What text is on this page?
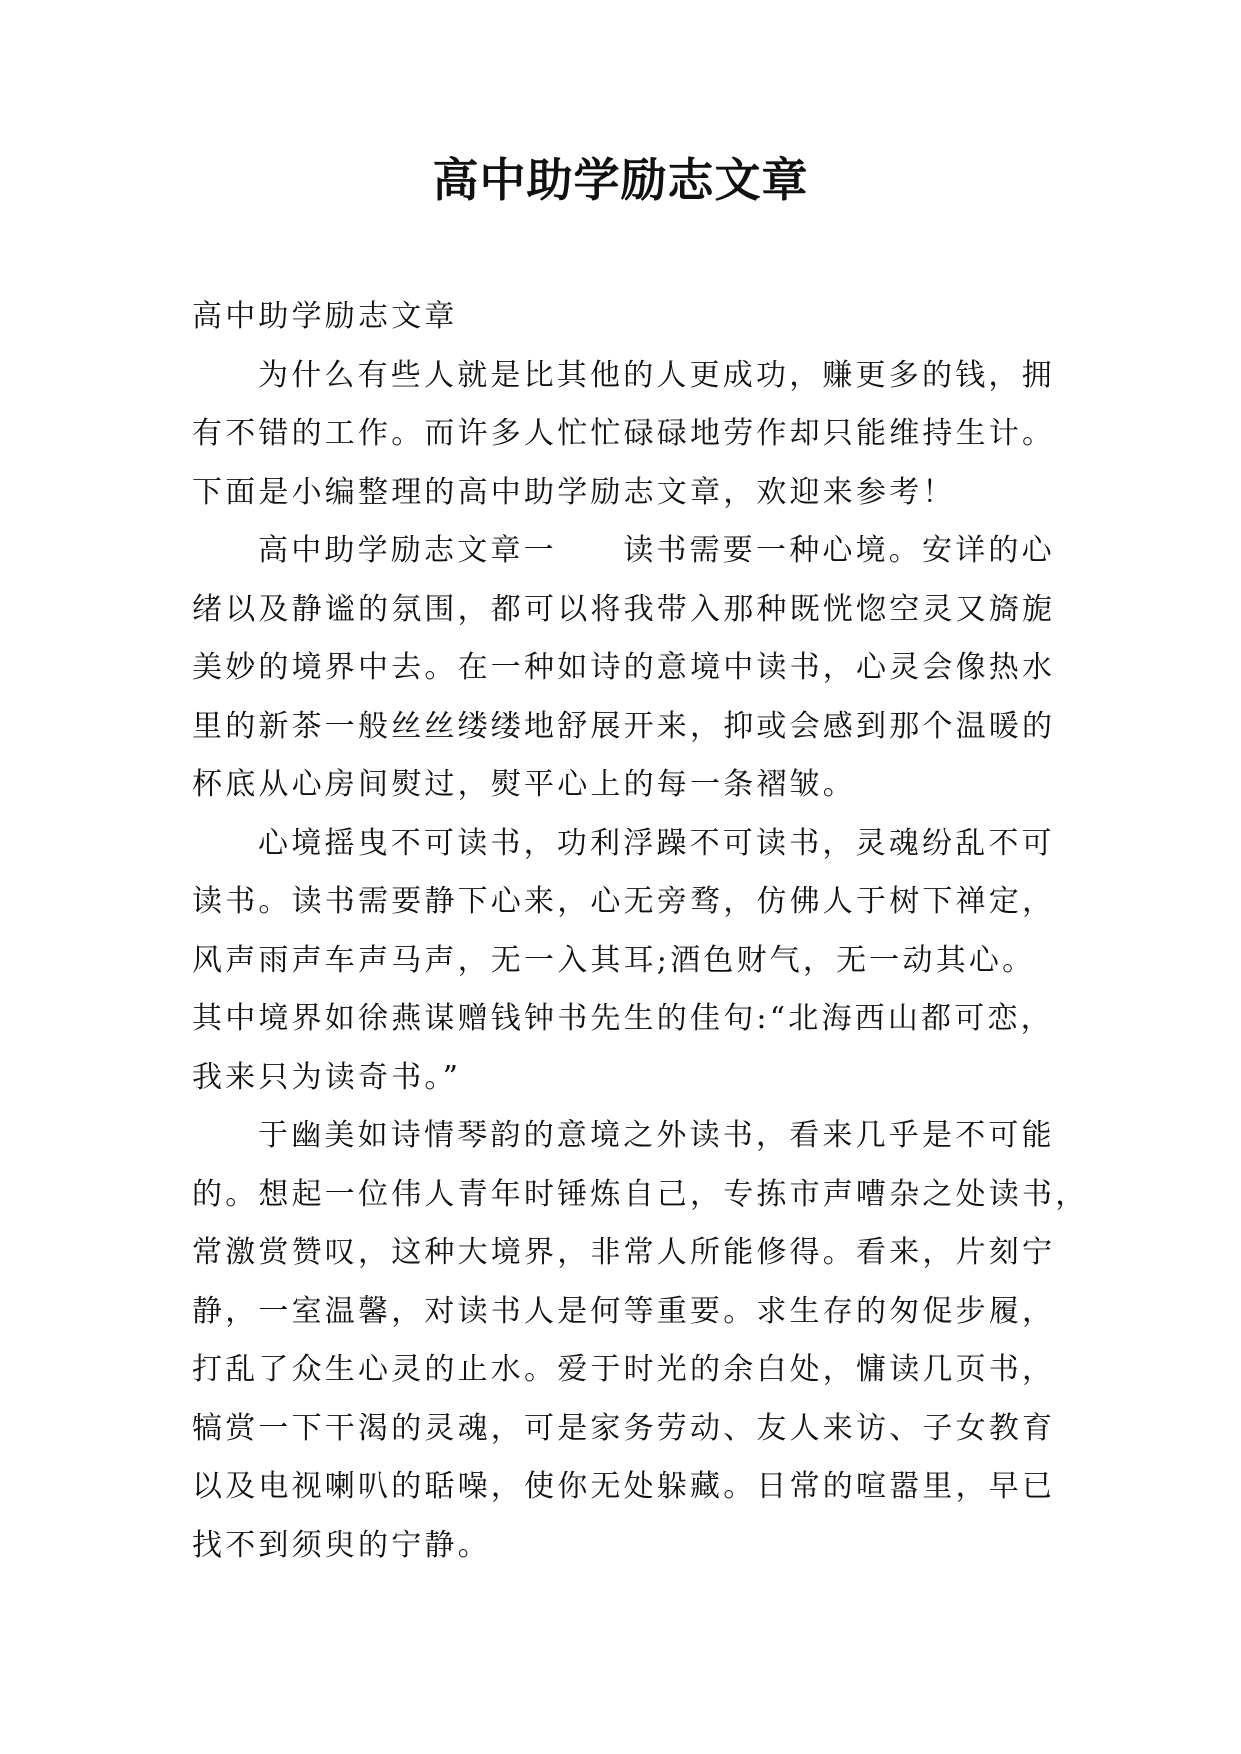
高中助学励志文章
高中助学励志文章
为什么有些人就是比其他的人更成功，赚更多的钱，拥
有不错的工作。而许多人忙忙碌碌地劳作却只能维持生计。
下面是小编整理的高中助学励志文章，欢迎来参考！
高中助学励志文章一　　读书需要一种心境。安详的心
绪以及静谧的氛围，都可以将我带入那种既恍惚空灵又旖旎
美妙的境界中去。在一种如诗的意境中读书，心灵会像热水
里的新茶一般丝丝缕缕地舒展开来，抑或会感到那个温暖的
杯底从心房间熨过，熨平心上的每一条褶皱。
心境摇曳不可读书，功利浮躁不可读书，灵魂纷乱不可
读书。读书需要静下心来，心无旁骛，仿佛人于树下禅定，
风声雨声车声马声，无一入其耳;酒色财气，无一动其心。
其中境界如徐燕谋赠钱钟书先生的佳句:“北海西山都可恋，
我来只为读奇书。”
于幽美如诗情琴韵的意境之外读书，看来几乎是不可能
的。想起一位伟人青年时锤炼自己，专拣市声嘈杂之处读书，
常激赏赞叹，这种大境界，非常人所能修得。看来，片刻宁
静，一室温馨，对读书人是何等重要。求生存的匆促步履，
打乱了众生心灵的止水。爱于时光的余白处，慵读几页书，
犒赏一下干渴的灵魂，可是家务劳动、友人来访、子女教育
以及电视喇叭的聒噪，使你无处躲藏。日常的喧嚣里，早已
找不到须臾的宁静。
